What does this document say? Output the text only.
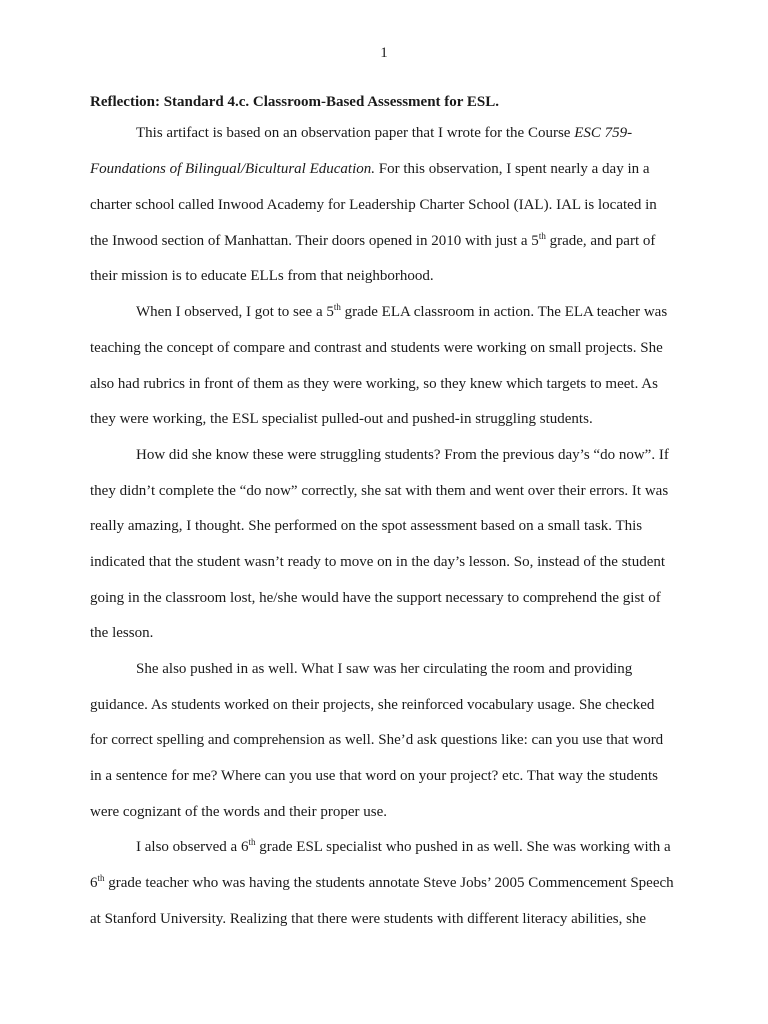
1
Reflection: Standard 4.c. Classroom-Based Assessment for ESL.
This artifact is based on an observation paper that I wrote for the Course ESC 759-
Foundations of Bilingual/Bicultural Education. For this observation, I spent nearly a day in a
charter school called Inwood Academy for Leadership Charter School (IAL). IAL is located in
the Inwood section of Manhattan. Their doors opened in 2010 with just a 5th grade, and part of
their mission is to educate ELLs from that neighborhood.
When I observed, I got to see a 5th grade ELA classroom in action. The ELA teacher was
teaching the concept of compare and contrast and students were working on small projects. She
also had rubrics in front of them as they were working, so they knew which targets to meet. As
they were working, the ESL specialist pulled-out and pushed-in struggling students.
How did she know these were struggling students? From the previous day’s “do now”. If
they didn’t complete the “do now” correctly, she sat with them and went over their errors. It was
really amazing, I thought. She performed on the spot assessment based on a small task. This
indicated that the student wasn’t ready to move on in the day’s lesson. So, instead of the student
going in the classroom lost, he/she would have the support necessary to comprehend the gist of
the lesson.
She also pushed in as well. What I saw was her circulating the room and providing
guidance. As students worked on their projects, she reinforced vocabulary usage. She checked
for correct spelling and comprehension as well. She’d ask questions like: can you use that word
in a sentence for me? Where can you use that word on your project? etc. That way the students
were cognizant of the words and their proper use.
I also observed a 6th grade ESL specialist who pushed in as well. She was working with a
6th grade teacher who was having the students annotate Steve Jobs’ 2005 Commencement Speech
at Stanford University. Realizing that there were students with different literacy abilities, she
